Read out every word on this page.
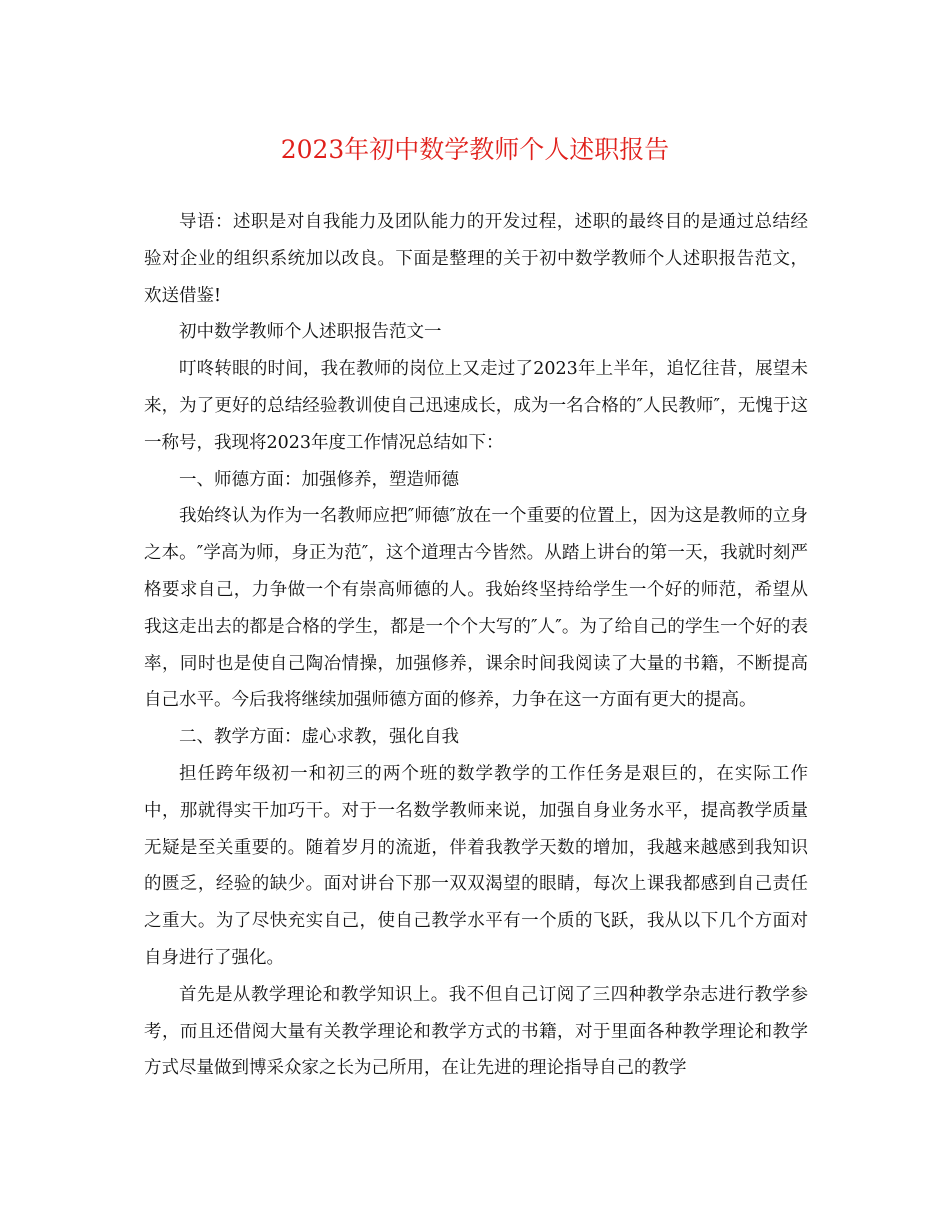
2023年初中数学教师个人述职报告

导语：述职是对自我能力及团队能力的开发过程，述职的最终目的是通过总结经验对企业的组织系统加以改良。下面是整理的关于初中数学教师个人述职报告范文，欢送借鉴!

初中数学教师个人述职报告范文一

叮咚转眼的时间，我在教师的岗位上又走过了2023年上半年，追忆往昔，展望未来，为了更好的总结经验教训使自己迅速成长，成为一名合格的″人民教师″，无愧于这一称号，我现将2023年度工作情况总结如下：

一、师德方面：加强修养，塑造师德

我始终认为作为一名教师应把″师德″放在一个重要的位置上，因为这是教师的立身之本。″学高为师，身正为范″，这个道理古今皆然。从踏上讲台的第一天，我就时刻严格要求自己，力争做一个有崇高师德的人。我始终坚持给学生一个好的师范，希望从我这走出去的都是合格的学生，都是一个个大写的″人″。为了给自己的学生一个好的表率，同时也是使自己陶冶情操，加强修养，课余时间我阅读了大量的书籍，不断提高自己水平。今后我将继续加强师德方面的修养，力争在这一方面有更大的提高。

二、教学方面：虚心求教，强化自我

担任跨年级初一和初三的两个班的数学教学的工作任务是艰巨的，在实际工作中，那就得实干加巧干。对于一名数学教师来说，加强自身业务水平，提高教学质量无疑是至关重要的。随着岁月的流逝，伴着我教学天数的增加，我越来越感到我知识的匮乏，经验的缺少。面对讲台下那一双双渴望的眼睛，每次上课我都感到自己责任之重大。为了尽快充实自己，使自己教学水平有一个质的飞跃，我从以下几个方面对自身进行了强化。

首先是从教学理论和教学知识上。我不但自己订阅了三四种教学杂志进行教学参考，而且还借阅大量有关教学理论和教学方式的书籍，对于里面各种教学理论和教学方式尽量做到博采众家之长为己所用，在让先进的理论指导自己的教学
